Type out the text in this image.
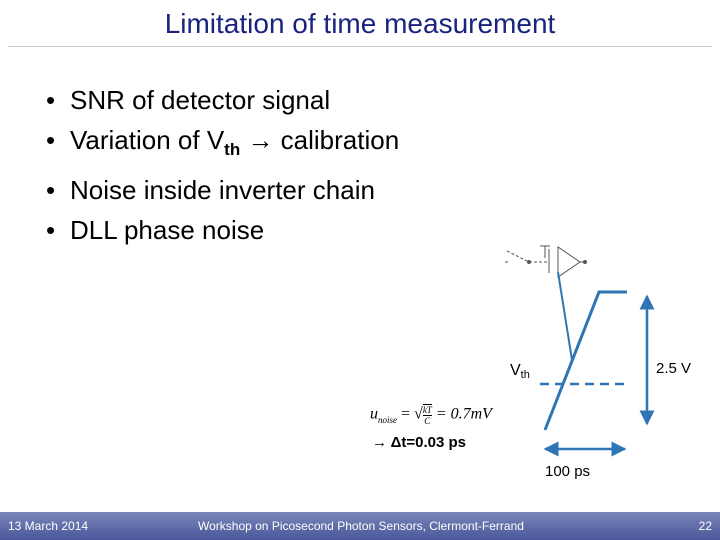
Limitation of time measurement
• SNR of detector signal
• Variation of $V_{th}$ → calibration
• Noise inside inverter chain
• DLL phase noise
$V_{th}$	2.5 V
$u_{noise}$ = √ $\frac{kT}{C} = 0.7mV$
→ Δt=0.03 ps
100 ps
13 March 2014	Workshop on Picosecond Photon Sensors, Clermont-Ferrand	22
